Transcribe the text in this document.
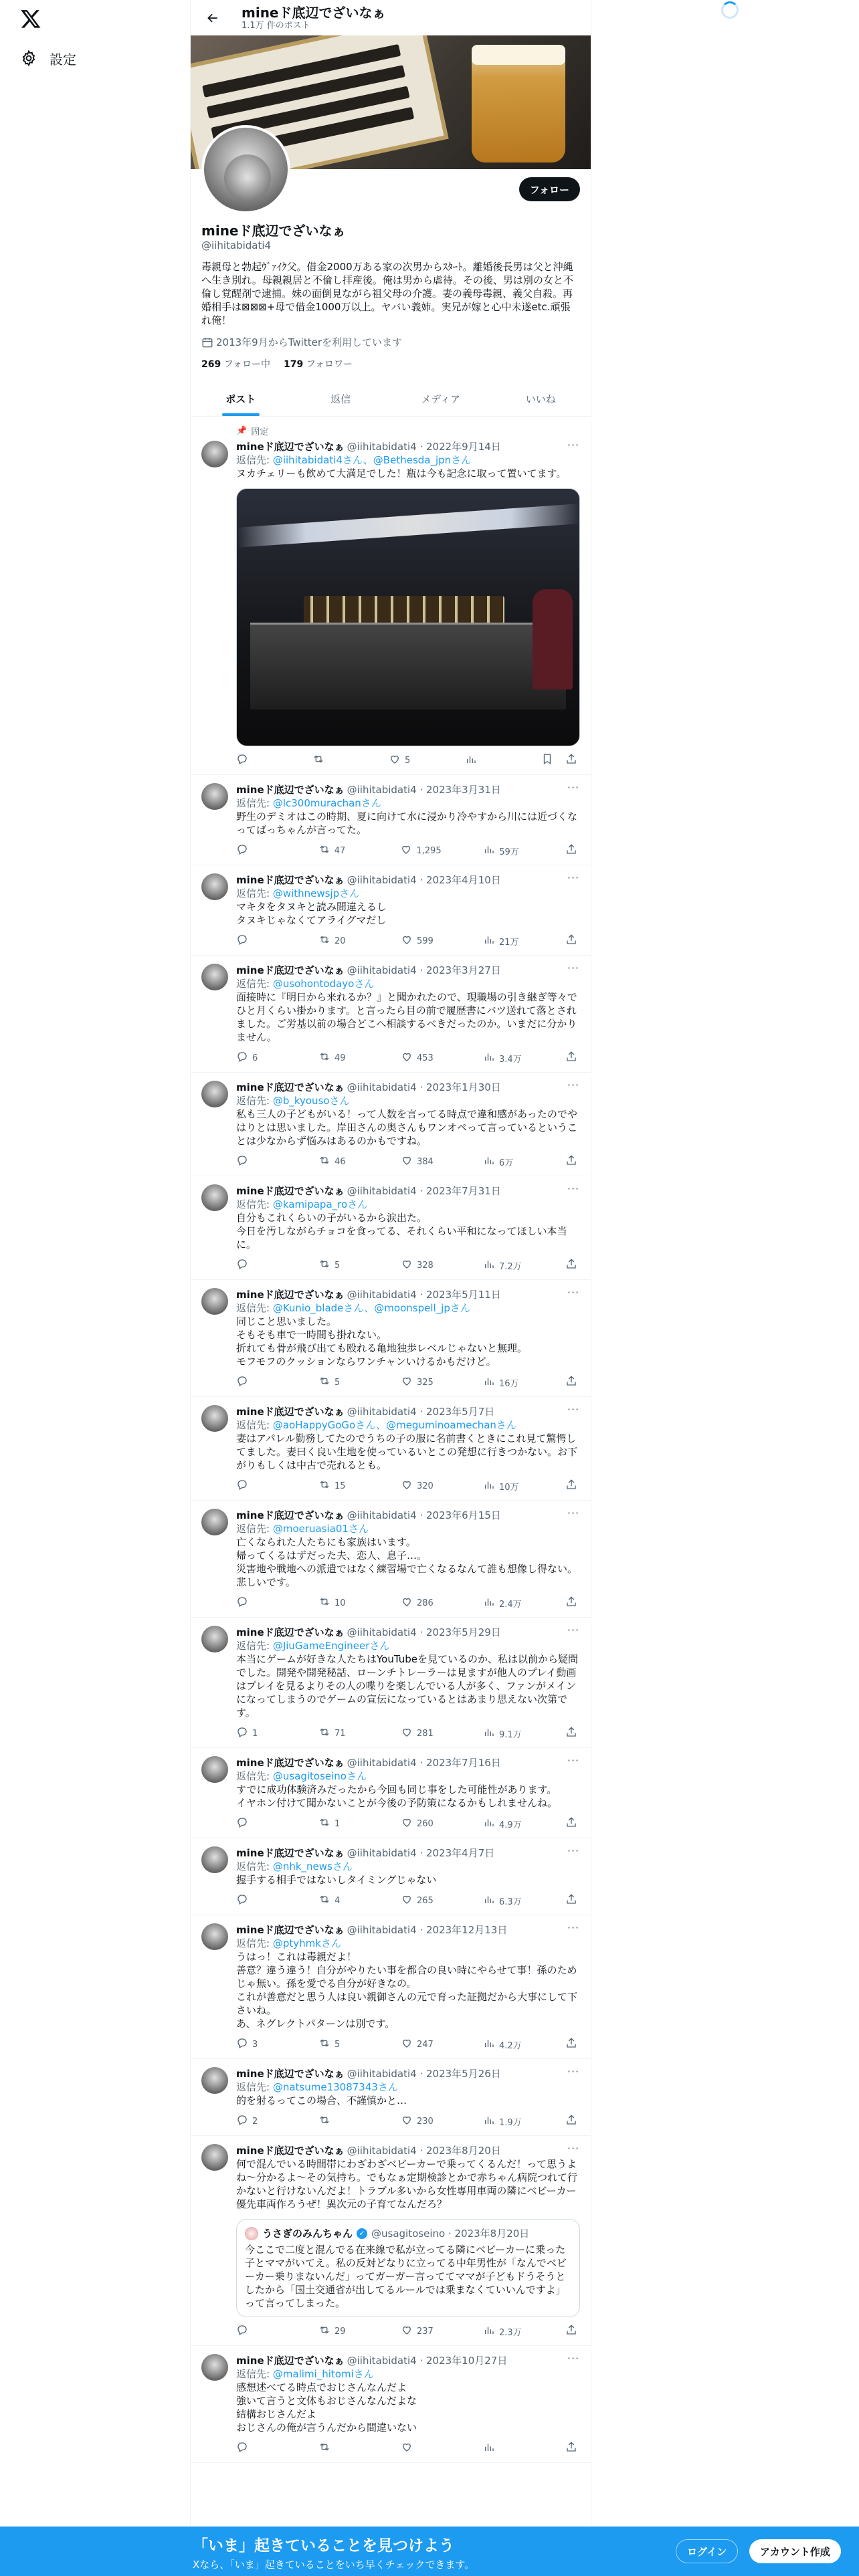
設定
mineド底辺でざいなぁ
1.1万 件のポスト
フォロー
mineド底辺でざいなぁ
@iihitabidati4
毒親母と勃起ｳﾞｧｲｸ父。借金2000万ある家の次男からｽﾀｰﾄ。離婚後長男は父と沖縄へ生き別れ。母親親居と不倫し拝産後。俺は男から虐待。その後、男は別の女と不倫し覚醒剤で逮捕。妹の面倒見ながら祖父母の介護。妻の義母毒親、義父自殺。再婚相手は⊠⊠⊠+母で借金1000万以上。ヤバい義姉。実兄が嫁と心中未遂etc.頑張れ俺！
2013年9月からTwitterを利用しています
269 フォロー中 179 フォロワー
ポスト	返信	メディア	いいね
📌 固定
···
mineド底辺でざいなぁ @iihitabidati4 · 2022年9月14日
返信先: @iihitabidati4さん、@Bethesda_jpnさん
ヌカチェリーも飲めて大満足でした！瓶は今も記念に取って置いてます。
5
···
mineド底辺でざいなぁ @iihitabidati4 · 2023年3月31日
返信先: @lc300murachanさん
野生のデミオはこの時期、夏に向けて水に浸かり冷やすから川には近づくなってばっちゃんが言ってた。
47	1,295	59万
···
mineド底辺でざいなぁ @iihitabidati4 · 2023年4月10日
返信先: @withnewsjpさん
マキタをタヌキと読み間違えるし
タヌキじゃなくてアライグマだし
20	599	21万
···
mineド底辺でざいなぁ @iihitabidati4 · 2023年3月27日
返信先: @usohontodayoさん
面接時に『明日から来れるか？』と聞かれたので、現職場の引き継ぎ等々でひと月くらい掛かります。と言ったら目の前で履歴書にバツ送れて落とされました。ご労基以前の場合どこへ相談するべきだったのか。いまだに分かりません。
6	49	453	3.4万
···
mineド底辺でざいなぁ @iihitabidati4 · 2023年1月30日
返信先: @b_kyousoさん
私も三人の子どもがいる！って人数を言ってる時点で違和感があったのでやはりとは思いました。岸田さんの奥さんもワンオペって言っているということは少なからず悩みはあるのかもですね。
46	384	6万
···
mineド底辺でざいなぁ @iihitabidati4 · 2023年7月31日
返信先: @kamipapa_roさん
自分もこれくらいの子がいるから涙出た。
今日を汚しながらチョコを食ってる、それくらい平和になってほしい本当に。
5	328	7.2万
···
mineド底辺でざいなぁ @iihitabidati4 · 2023年5月11日
返信先: @Kunio_bladeさん、@moonspell_jpさん
同じこと思いました。
そもそも車で一時間も掛れない。
折れても骨が飛び出ても殴れる亀地独歩レベルじゃないと無理。
モフモフのクッションならワンチャンいけるかもだけど。
5	325	16万
···
mineド底辺でざいなぁ @iihitabidati4 · 2023年5月7日
返信先: @aoHappyGoGoさん、@meguminoamechanさん
妻はアパレル勤務してたのでうちの子の服に名前書くときにこれ見て驚愕してました。妻曰く良い生地を使っているいとこの発想に行きつかない。お下がりもしくは中古で売れるとも。
15	320	10万
···
mineド底辺でざいなぁ @iihitabidati4 · 2023年6月15日
返信先: @moeruasia01さん
亡くなられた人たちにも家族はいます。
帰ってくるはずだった夫、恋人、息子…。
災害地や戦地への派遣ではなく練習場で亡くなるなんて誰も想像し得ない。
悲しいです。
10	286	2.4万
···
mineド底辺でざいなぁ @iihitabidati4 · 2023年5月29日
返信先: @JiuGameEngineerさん
本当にゲームが好きな人たちはYouTubeを見ているのか、私は以前から疑問でした。開発や開発秘話、ローンチトレーラーは見ますが他人のプレイ動画はプレイを見るよりその人の喋りを楽しんでいる人が多く、ファンがメインになってしまうのでゲームの宣伝になっているとはあまり思えない次第です。
1	71	281	9.1万
···
mineド底辺でざいなぁ @iihitabidati4 · 2023年7月16日
返信先: @usagitoseinoさん
すでに成功体験済みだったから今回も同じ事をした可能性があります。
イヤホン付けて聞かないことが今後の予防策になるかもしれませんね。
1	260	4.9万
···
mineド底辺でざいなぁ @iihitabidati4 · 2023年4月7日
返信先: @nhk_newsさん
握手する相手ではないしタイミングじゃない
4	265	6.3万
···
mineド底辺でざいなぁ @iihitabidati4 · 2023年12月13日
返信先: @ptyhmkさん
うはっ！これは毒親だよ！
善意？違う違う！自分がやりたい事を都合の良い時にやらせて事！孫のためじゃ無い。孫を愛でる自分が好きなの。
これが善意だと思う人は良い親御さんの元で育った証拠だから大事にして下さいね。
あ、ネグレクトパターンは別です。
3	5	247	4.2万
···
mineド底辺でざいなぁ @iihitabidati4 · 2023年5月26日
返信先: @natsume13087343さん
的を射るってこの場合、不謹慎かと…
2	230	1.9万
···
mineド底辺でざいなぁ @iihitabidati4 · 2023年8月20日
何で混んでいる時間帯にわざわざベビーカーで乗ってくるんだ！って思うよね～分かるよ～その気持ち。でもなぁ定期検診とかで赤ちゃん病院つれて行かないと行けないんだよ！トラブル多いから女性専用車両の隣にベビーカー優先車両作ろうぜ！異次元の子育てなんだろ？
うさぎのみんちゃん ✓ @usagitoseino · 2023年8月20日
今ここで二度と混んでる在来線で私が立ってる隣にベビーカーに乗った子とママがいてえ。私の反対どなりに立ってる中年男性が「なんでベビーカー乗りまないんだ」ってガーガー言っててママが子どもドうそうとしたから「国土交通省が出してるルールでは乗まなくていいんですよ」って言ってしまった。
29	237	2.3万
···
mineド底辺でざいなぁ @iihitabidati4 · 2023年10月27日
返信先: @malimi_hitomiさん
感想述べてる時点でおじさんなんだよ
強いて言うと文体もおじさんなんだよな
結構おじさんだよ
おじさんの俺が言うんだから間違いない
「いま」起きていることを見つけよう
Xなら、「いま」起きていることをいち早くチェックできます。
ログイン	アカウント作成
